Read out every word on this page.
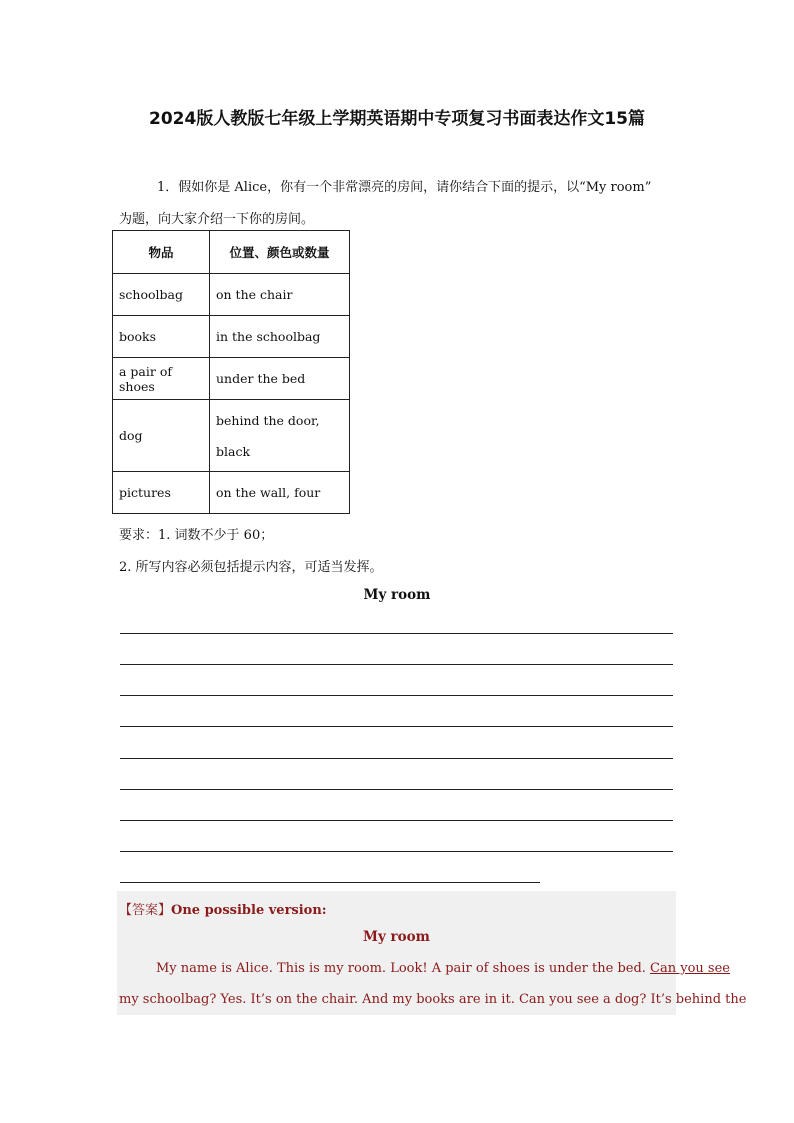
2024版人教版七年级上学期英语期中专项复习书面表达作文15篇
1．假如你是 Alice，你有一个非常漂亮的房间，请你结合下面的提示，以“My room”
为题，向大家介绍一下你的房间。
物品	位置、颜色或数量
schoolbag	on the chair
books	in the schoolbag
a pair of shoes	under the bed
dog	behind the door,
black

pictures	on the wall, four
要求：1. 词数不少于 60；
2. 所写内容必须包括提示内容，可适当发挥。
My room
【答案】One possible version:
My room
My name is Alice. This is my room. Look! A pair of shoes is under the bed. Can you see
my schoolbag? Yes. It’s on the chair. And my books are in it. Can you see a dog? It’s behind the
